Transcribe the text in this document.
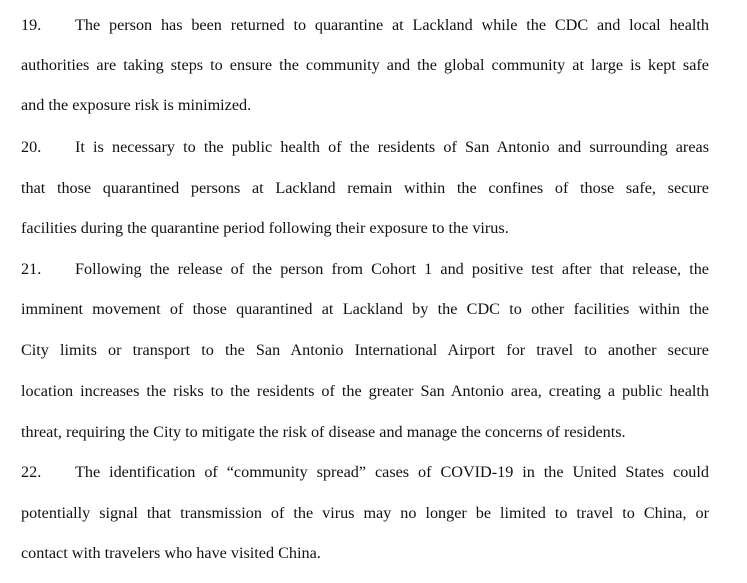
19. The person has been returned to quarantine at Lackland while the CDC and local health
authorities are taking steps to ensure the community and the global community at large is kept safe
and the exposure risk is minimized.
20. It is necessary to the public health of the residents of San Antonio and surrounding areas
that those quarantined persons at Lackland remain within the confines of those safe, secure
facilities during the quarantine period following their exposure to the virus.
21. Following the release of the person from Cohort 1 and positive test after that release, the
imminent movement of those quarantined at Lackland by the CDC to other facilities within the
City limits or transport to the San Antonio International Airport for travel to another secure
location increases the risks to the residents of the greater San Antonio area, creating a public health
threat, requiring the City to mitigate the risk of disease and manage the concerns of residents.
22. The identification of “community spread” cases of COVID-19 in the United States could
potentially signal that transmission of the virus may no longer be limited to travel to China, or
contact with travelers who have visited China.
